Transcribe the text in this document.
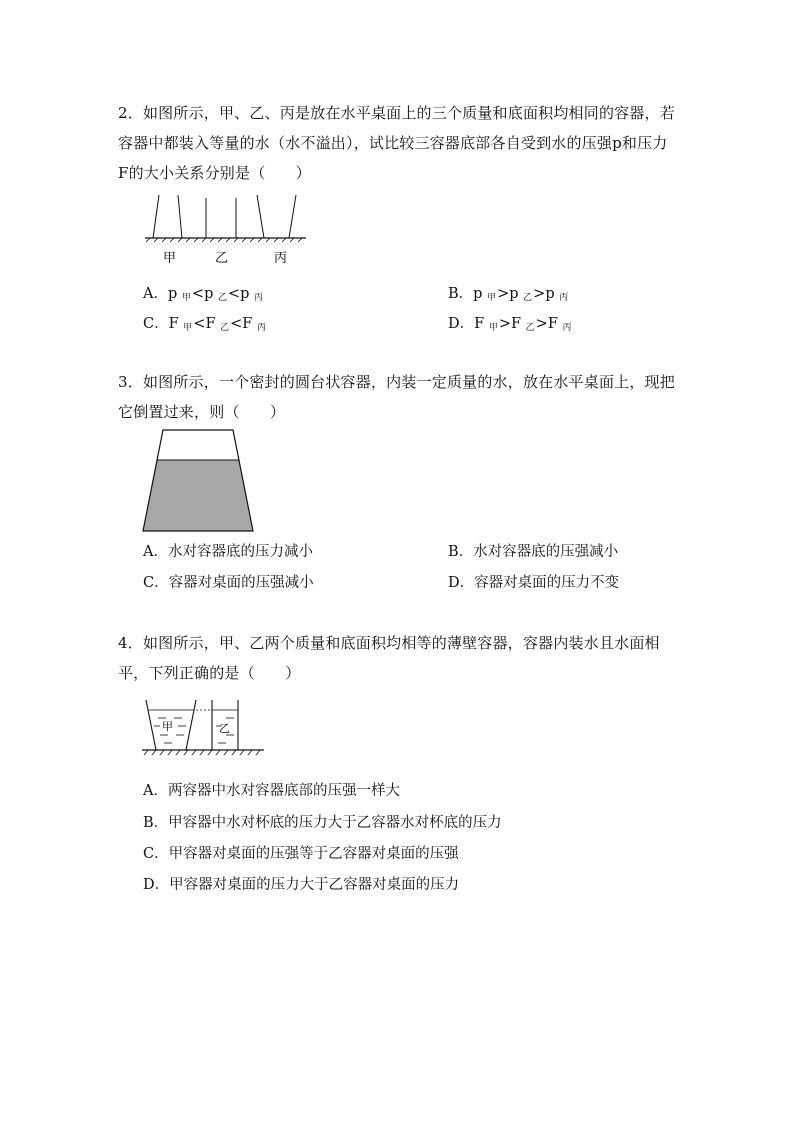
2．如图所示，甲、乙、丙是放在水平桌面上的三个质量和底面积均相同的容器，若容器中都装入等量的水（水不溢出），试比较三容器底部各自受到水的压强p和压力F的大小关系分别是（　　）

甲	乙	丙
A．p $_甲$<p $_乙$<p $_丙$	B．p $_甲$>p $_乙$>p $_丙$
C．F $_甲$<F $_乙$<F $_丙$	D．F $_甲$>F $_乙$>F $_丙$

3．如图所示，一个密封的圆台状容器，内装一定质量的水，放在水平桌面上，现把它倒置过来，则（　　）

A．水对容器底的压力减小	B．水对容器底的压强减小
C．容器对桌面的压强减小	D．容器对桌面的压力不变

4．如图所示，甲、乙两个质量和底面积均相等的薄壁容器，容器内装水且水面相平，下列正确的是（　　）

甲	乙
A．两容器中水对容器底部的压强一样大
B．甲容器中水对杯底的压力大于乙容器水对杯底的压力
C．甲容器对桌面的压强等于乙容器对桌面的压强
D．甲容器对桌面的压力大于乙容器对桌面的压力
